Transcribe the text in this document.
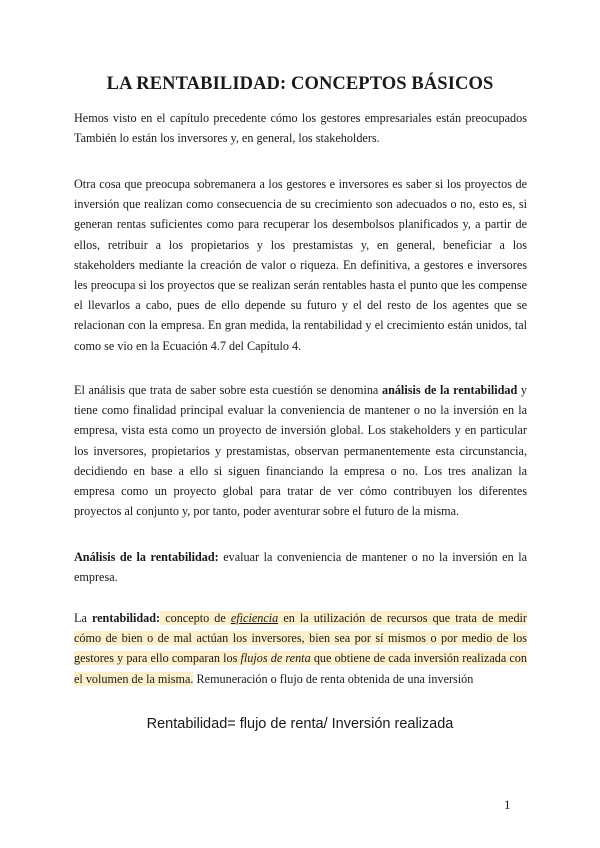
LA RENTABILIDAD: CONCEPTOS BÁSICOS

Hemos visto en el capítulo precedente cómo los gestores empresariales están preocupados También lo están los inversores y, en general, los stakeholders.

Otra cosa que preocupa sobremanera a los gestores e inversores es saber si los proyectos de inversión que realizan como consecuencia de su crecimiento son adecuados o no, esto es, si generan rentas suficientes como para recuperar los desembolsos planificados y, a partir de ellos, retribuir a los propietarios y los prestamistas y, en general, beneficiar a los stakeholders mediante la creación de valor o riqueza. En definitiva, a gestores e inversores les preocupa si los proyectos que se realizan serán rentables hasta el punto que les compense el llevarlos a cabo, pues de ello depende su futuro y el del resto de los agentes que se relacionan con la empresa. En gran medida, la rentabilidad y el crecimiento están unidos, tal como se vio en la Ecuación 4.7 del Capítulo 4.

El análisis que trata de saber sobre esta cuestión se denomina análisis de la rentabilidad y tiene como finalidad principal evaluar la conveniencia de mantener o no la inversión en la empresa, vista esta como un proyecto de inversión global. Los stakeholders y en particular los inversores, propietarios y prestamistas, observan permanentemente esta circunstancia, decidiendo en base a ello si siguen financiando la empresa o no. Los tres analizan la empresa como un proyecto global para tratar de ver cómo contribuyen los diferentes proyectos al conjunto y, por tanto, poder aventurar sobre el futuro de la misma.

Análisis de la rentabilidad: evaluar la conveniencia de mantener o no la inversión en la empresa.

La rentabilidad: concepto de eficiencia en la utilización de recursos que trata de medir cómo de bien o de mal actúan los inversores, bien sea por sí mismos o por medio de los gestores y para ello comparan los flujos de renta que obtiene de cada inversión realizada con el volumen de la misma. Remuneración o flujo de renta obtenida de una inversión

Rentabilidad= flujo de renta/ Inversión realizada
1
